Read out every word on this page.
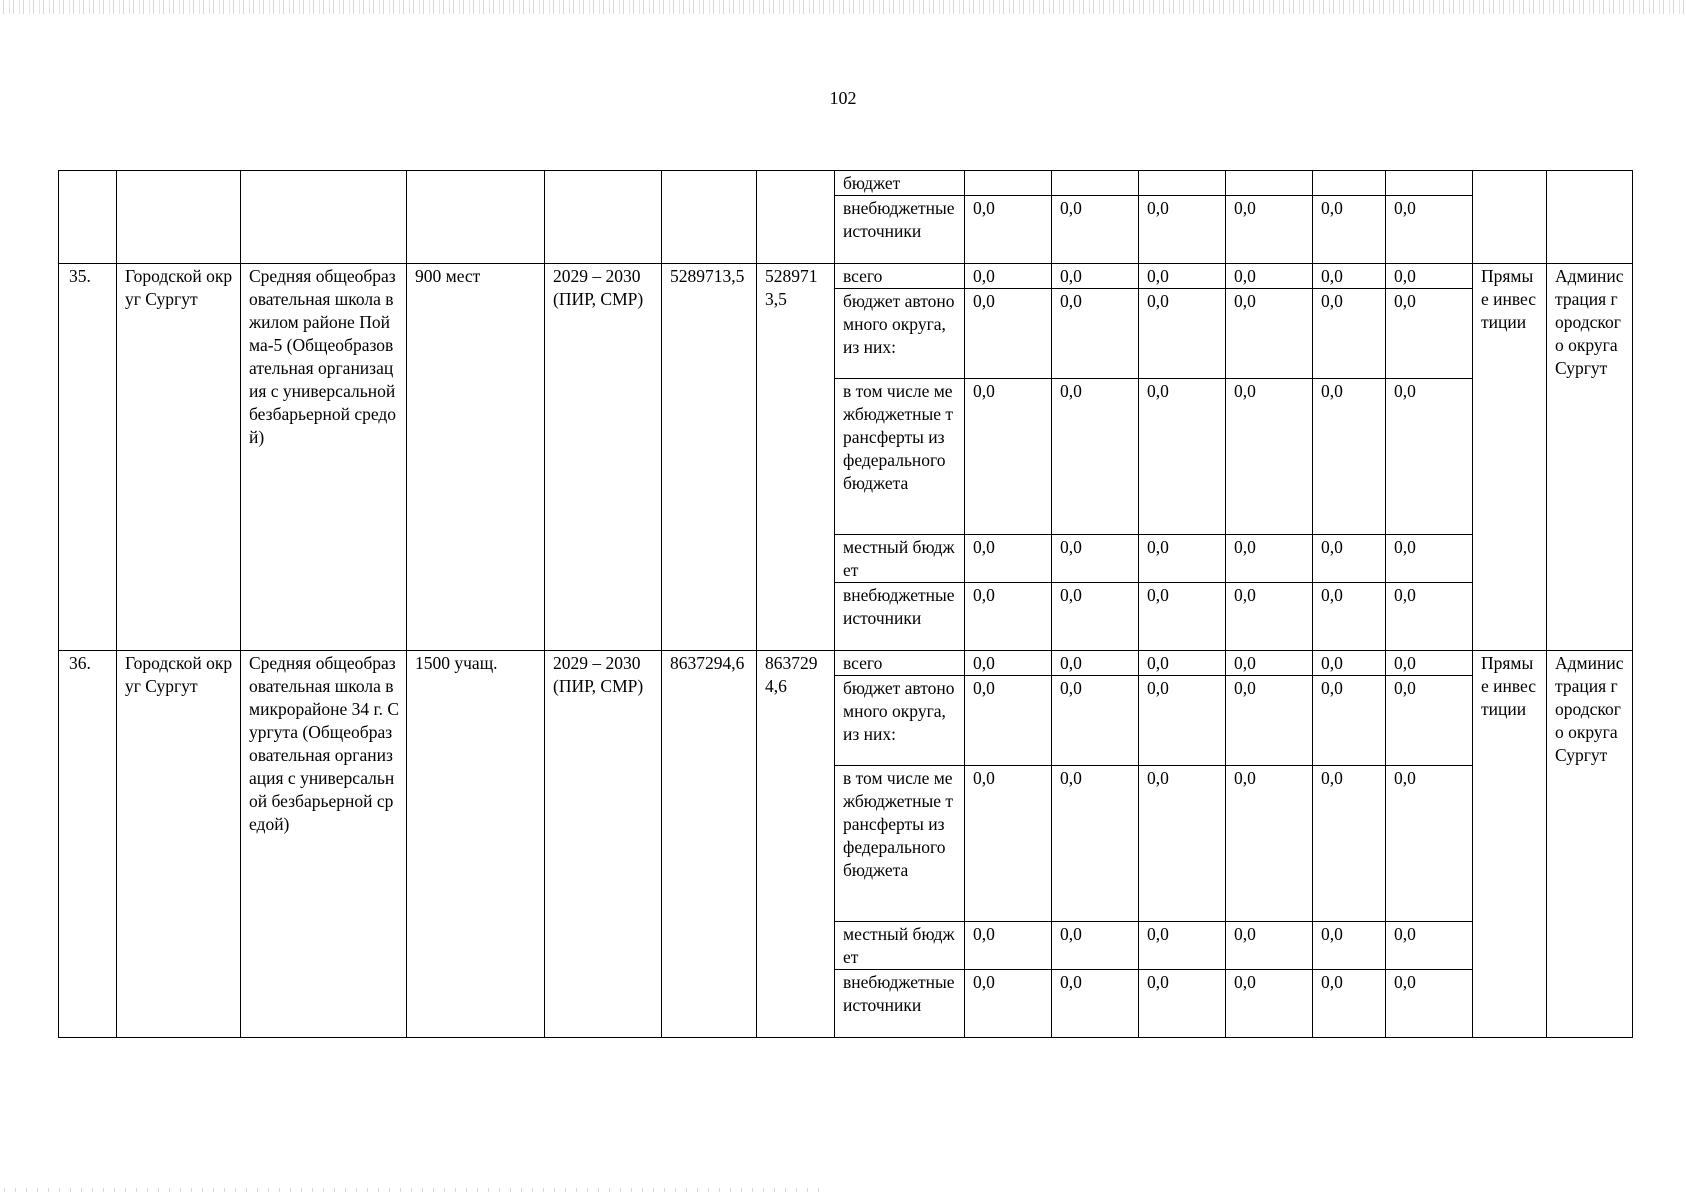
102
							бюджет								
							внебюджетные источники	0,0	0,0	0,0	0,0	0,0	0,0		
35.	Городской округ Сургут	Средняя общеобразовательная школа в жилом районе Пойма-5 (Общеобразовательная организация с универсальной безбарьерной средой)	900 мест	2029 – 2030 (ПИР, СМР)	5289713,5	5289713,5	всего	0,0	0,0	0,0	0,0	0,0	0,0	Прямые инвестиции	Администрация городского округа Сургут
							бюджет автономного округа, из них:	0,0	0,0	0,0	0,0	0,0	0,0		
							в том числе межбюджетные трансферты из федерального бюджета	0,0	0,0	0,0	0,0	0,0	0,0		
							местный бюджет	0,0	0,0	0,0	0,0	0,0	0,0		
							внебюджетные источники	0,0	0,0	0,0	0,0	0,0	0,0		
36.	Городской округ Сургут	Средняя общеобразовательная школа в микрорайоне 34 г. Сургута (Общеобразовательная организация с универсальной безбарьерной средой)	1500 учащ.	2029 – 2030 (ПИР, СМР)	8637294,6	8637294,6	всего	0,0	0,0	0,0	0,0	0,0	0,0	Прямые инвестиции	Администрация городского округа Сургут
							бюджет автономного округа, из них:	0,0	0,0	0,0	0,0	0,0	0,0		
							в том числе межбюджетные трансферты из федерального бюджета	0,0	0,0	0,0	0,0	0,0	0,0		
							местный бюджет	0,0	0,0	0,0	0,0	0,0	0,0		
							внебюджетные источники	0,0	0,0	0,0	0,0	0,0	0,0		
